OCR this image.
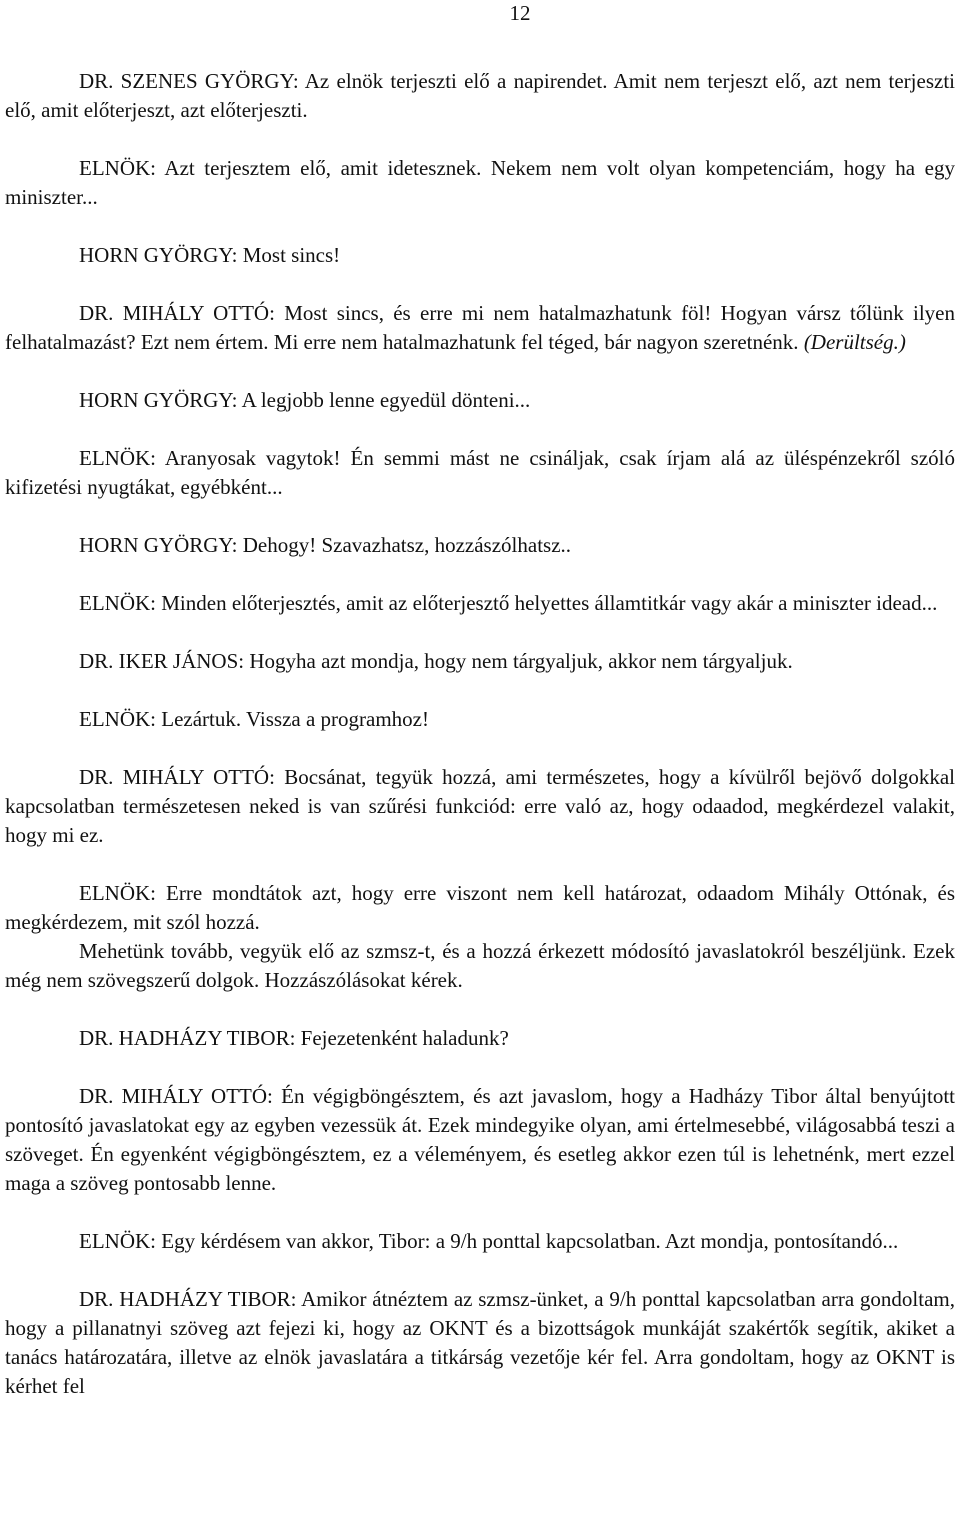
12

DR. SZENES GYÖRGY: Az elnök terjeszti elő a napirendet. Amit nem terjeszt elő, azt nem terjeszti elő, amit előterjeszt, azt előterjeszti.

ELNÖK: Azt terjesztem elő, amit idetesznek. Nekem nem volt olyan kompetenciám, hogy ha egy miniszter...

HORN GYÖRGY: Most sincs!

DR. MIHÁLY OTTÓ: Most sincs, és erre mi nem hatalmazhatunk föl! Hogyan vársz tőlünk ilyen felhatalmazást? Ezt nem értem. Mi erre nem hatalmazhatunk fel téged, bár nagyon szeretnénk. (Derültség.)

HORN GYÖRGY: A legjobb lenne egyedül dönteni...

ELNÖK: Aranyosak vagytok! Én semmi mást ne csináljak, csak írjam alá az üléspénzekről szóló kifizetési nyugtákat, egyébként...

HORN GYÖRGY: Dehogy! Szavazhatsz, hozzászólhatsz..

ELNÖK: Minden előterjesztés, amit az előterjesztő helyettes államtitkár vagy akár a miniszter idead...

DR. IKER JÁNOS: Hogyha azt mondja, hogy nem tárgyaljuk, akkor nem tárgyaljuk.

ELNÖK: Lezártuk. Vissza a programhoz!

DR. MIHÁLY OTTÓ: Bocsánat, tegyük hozzá, ami természetes, hogy a kívülről bejövő dolgokkal kapcsolatban természetesen neked is van szűrési funkciód: erre való az, hogy odaadod, megkérdezel valakit, hogy mi ez.

ELNÖK: Erre mondtátok azt, hogy erre viszont nem kell határozat, odaadom Mihály Ottónak, és megkérdezem, mit szól hozzá.

Mehetünk tovább, vegyük elő az szmsz-t, és a hozzá érkezett módosító javaslatokról beszéljünk. Ezek még nem szövegszerű dolgok. Hozzászólásokat kérek.

DR. HADHÁZY TIBOR: Fejezetenként haladunk?

DR. MIHÁLY OTTÓ: Én végigböngésztem, és azt javaslom, hogy a Hadházy Tibor által benyújtott pontosító javaslatokat egy az egyben vezessük át. Ezek mindegyike olyan, ami értelmesebbé, világosabbá teszi a szöveget. Én egyenként végigböngésztem, ez a véleményem, és esetleg akkor ezen túl is lehetnénk, mert ezzel maga a szöveg pontosabb lenne.

ELNÖK: Egy kérdésem van akkor, Tibor: a 9/h ponttal kapcsolatban. Azt mondja, pontosítandó...

DR. HADHÁZY TIBOR: Amikor átnéztem az szmsz-ünket, a 9/h ponttal kapcsolatban arra gondoltam, hogy a pillanatnyi szöveg azt fejezi ki, hogy az OKNT és a bizottságok munkáját szakértők segítik, akiket a tanács határozatára, illetve az elnök javaslatára a titkárság vezetője kér fel. Arra gondoltam, hogy az OKNT is kérhet fel
